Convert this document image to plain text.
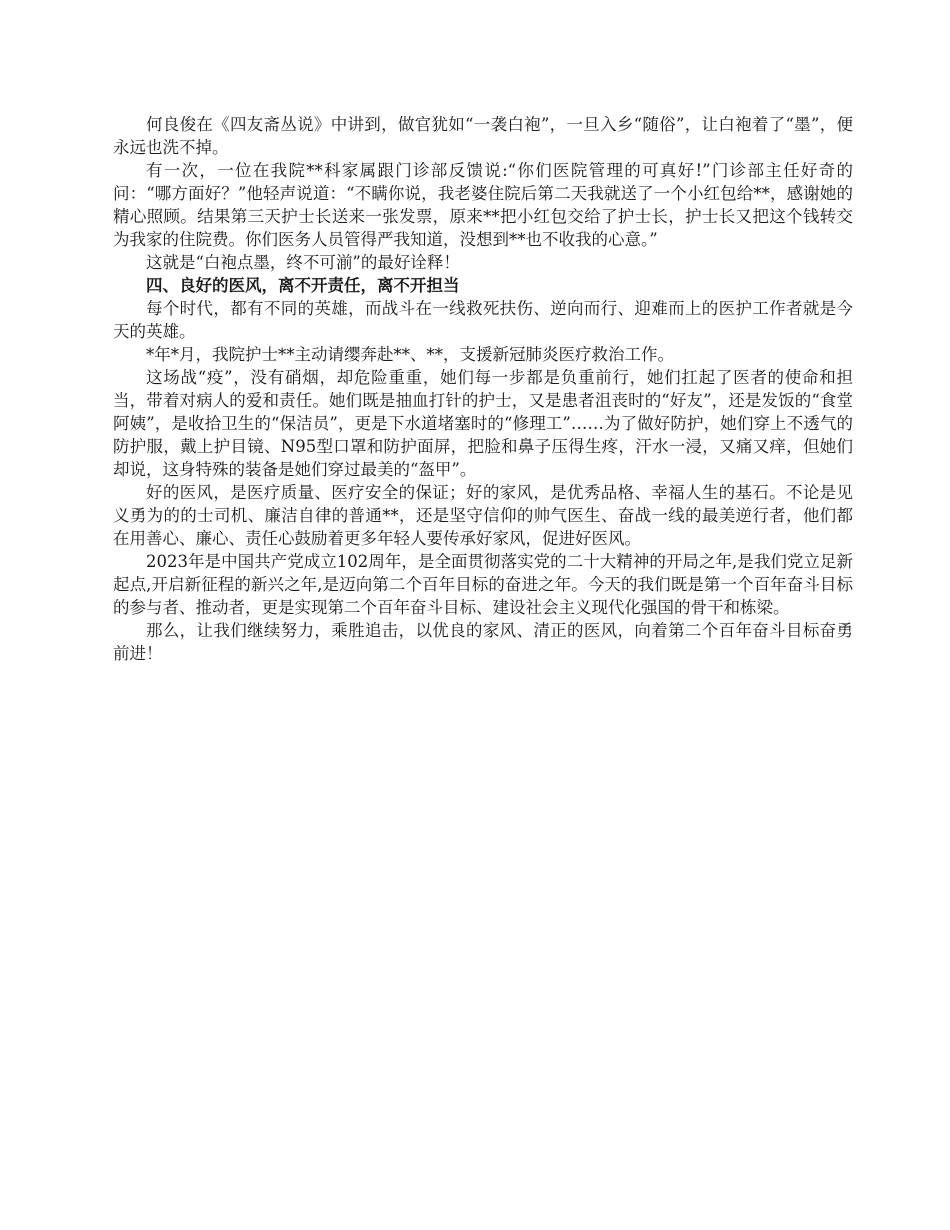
何良俊在《四友斋丛说》中讲到，做官犹如“一袭白袍”，一旦入乡“随俗”，让白袍着了“墨”，便永远也洗不掉。

有一次，一位在我院**科家属跟门诊部反馈说:“你们医院管理的可真好!”门诊部主任好奇的问：“哪方面好？”他轻声说道：“不瞒你说，我老婆住院后第二天我就送了一个小红包给**，感谢她的精心照顾。结果第三天护士长送来一张发票，原来**把小红包交给了护士长，护士长又把这个钱转交为我家的住院费。你们医务人员管得严我知道，没想到**也不收我的心意。”

这就是“白袍点墨，终不可湔”的最好诠释！

四、良好的医风，离不开责任，离不开担当

每个时代，都有不同的英雄，而战斗在一线救死扶伤、逆向而行、迎难而上的医护工作者就是今天的英雄。

*年*月，我院护士**主动请缨奔赴**、**，支援新冠肺炎医疗救治工作。

这场战“疫”，没有硝烟，却危险重重，她们每一步都是负重前行，她们扛起了医者的使命和担当，带着对病人的爱和责任。她们既是抽血打针的护士，又是患者沮丧时的“好友”，还是发饭的“食堂阿姨”，是收拾卫生的“保洁员”，更是下水道堵塞时的“修理工”……为了做好防护，她们穿上不透气的防护服，戴上护目镜、N95型口罩和防护面屏，把脸和鼻子压得生疼，汗水一浸，又痛又痒，但她们却说，这身特殊的装备是她们穿过最美的“盔甲”。

好的医风，是医疗质量、医疗安全的保证；好的家风，是优秀品格、幸福人生的基石。不论是见义勇为的的士司机、廉洁自律的普通**，还是坚守信仰的帅气医生、奋战一线的最美逆行者，他们都在用善心、廉心、责任心鼓励着更多年轻人要传承好家风，促进好医风。

2023年是中国共产党成立102周年，是全面贯彻落实党的二十大精神的开局之年,是我们党立足新起点,开启新征程的新兴之年,是迈向第二个百年目标的奋进之年。今天的我们既是第一个百年奋斗目标的参与者、推动者，更是实现第二个百年奋斗目标、建设社会主义现代化强国的骨干和栋梁。

那么，让我们继续努力，乘胜追击，以优良的家风、清正的医风，向着第二个百年奋斗目标奋勇前进！
